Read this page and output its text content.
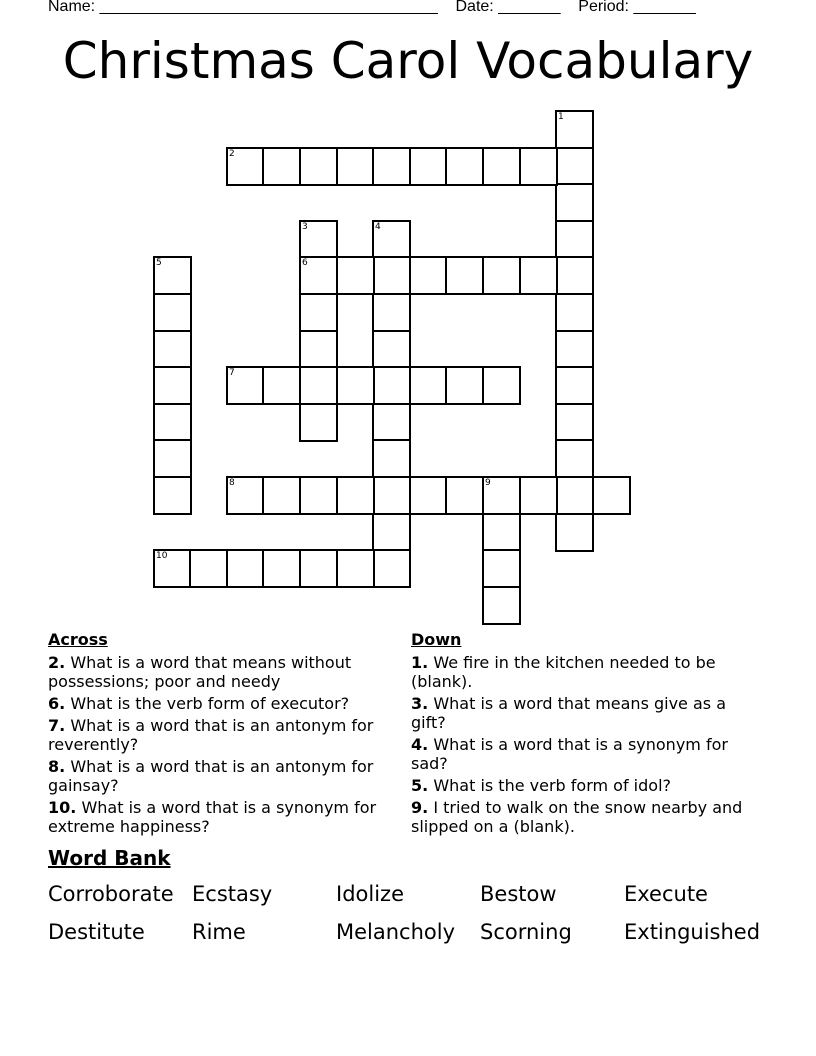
Name: ______________________________________ Date: _______ Period: _______
Christmas Carol Vocabulary
1
2
3	4
5	6
7
8	9
10
Across
2. What is a word that means without possessions; poor and needy
6. What is the verb form of executor?
7. What is a word that is an antonym for reverently?
8. What is a word that is an antonym for gainsay?
10. What is a word that is a synonym for extreme happiness?
Down
1. We fire in the kitchen needed to be (blank).
3. What is a word that means give as a gift?
4. What is a word that is a synonym for sad?
5. What is the verb form of idol?
9. I tried to walk on the snow nearby and slipped on a (blank).
Word Bank
Corroborate Ecstasy	Idolize	Bestow	Execute
Destitute Rime	Melancholy Scorning Extinguished
